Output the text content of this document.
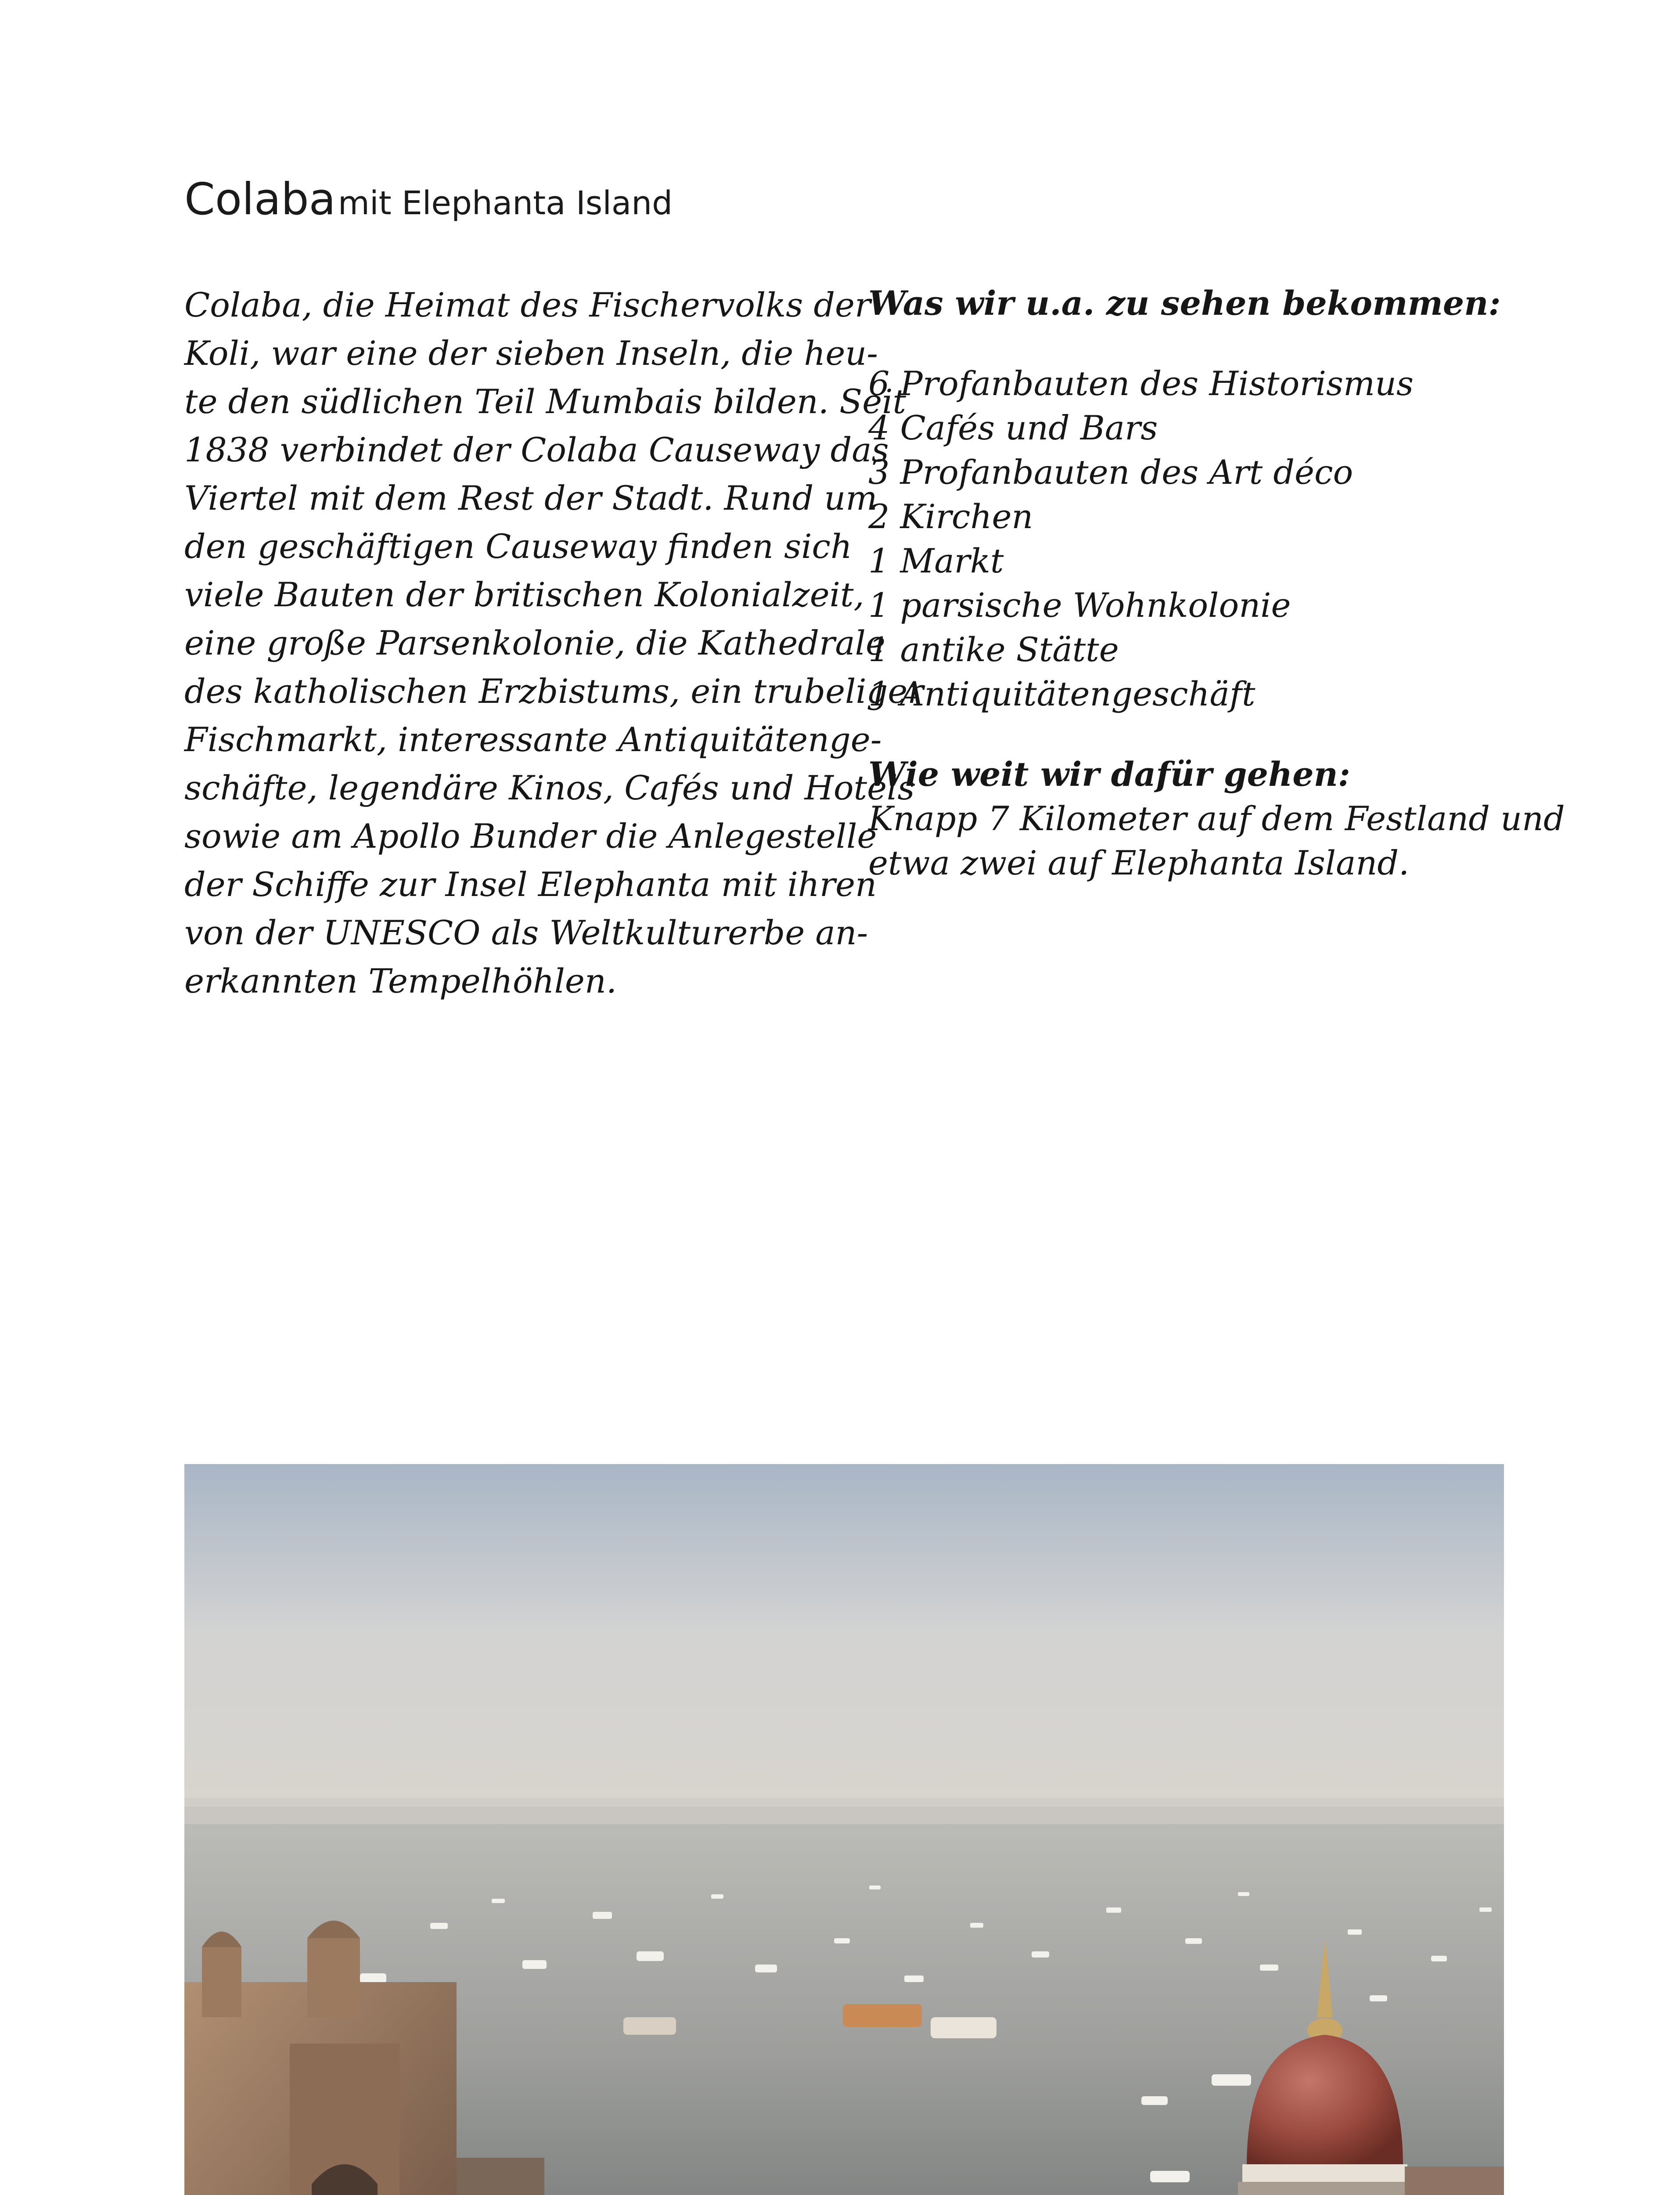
Colaba mit Elephanta Island
Colaba, die Heimat des Fischervolks der
Koli, war eine der sieben Inseln, die heu-
te den südlichen Teil Mumbais bilden. Seit
1838 verbindet der Colaba Causeway das
Viertel mit dem Rest der Stadt. Rund um
den geschäftigen Causeway finden sich
viele Bauten der britischen Kolonialzeit,
eine große Parsenkolonie, die Kathedrale
des katholischen Erzbistums, ein trubeliger
Fischmarkt, interessante Antiquitätenge-
schäfte, legendäre Kinos, Cafés und Hotels
sowie am Apollo Bunder die Anlegestelle
der Schiffe zur Insel Elephanta mit ihren
von der UNESCO als Weltkulturerbe an-
erkannten Tempelhöhlen.
Was wir u.a. zu sehen bekommen:
6 Profanbauten des Historismus
4 Cafés und Bars
3 Profanbauten des Art déco
2 Kirchen
1 Markt
1 parsische Wohnkolonie
1 antike Stätte
1 Antiquitätengeschäft
Wie weit wir dafür gehen:
Knapp 7 Kilometer auf dem Festland und
etwa zwei auf Elephanta Island.
